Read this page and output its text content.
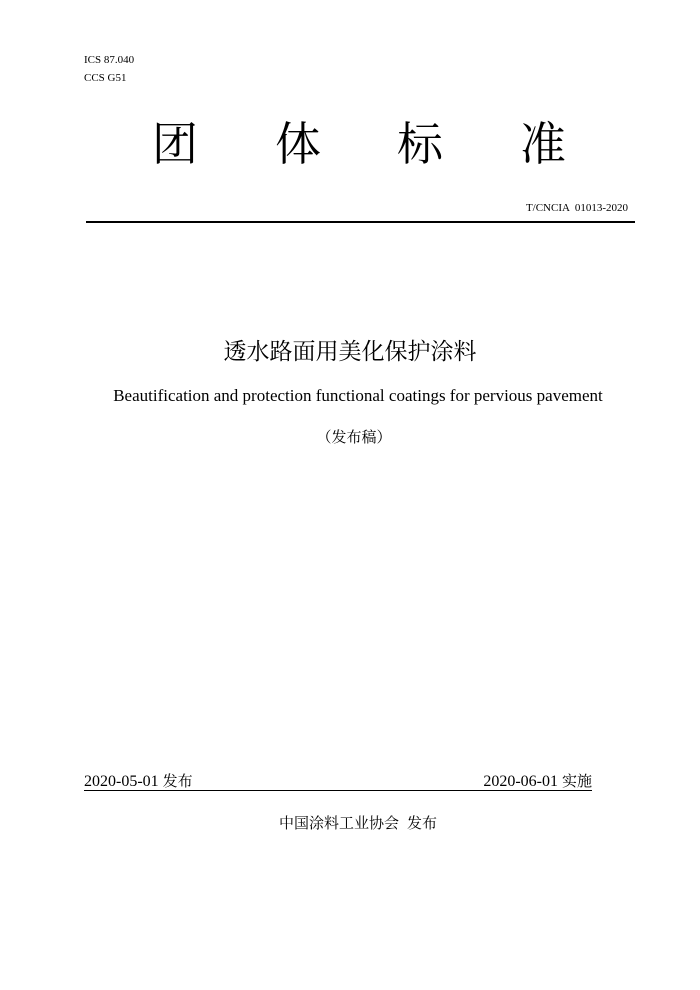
ICS 87.040
CCS G51
团 体 标 准
T/CNCIA  01013-2020
透水路面用美化保护涂料
Beautification and protection functional coatings for pervious pavement
（发布稿）
2020-05-01 发布	2020-06-01 实施
中国涂料工业协会 发布
